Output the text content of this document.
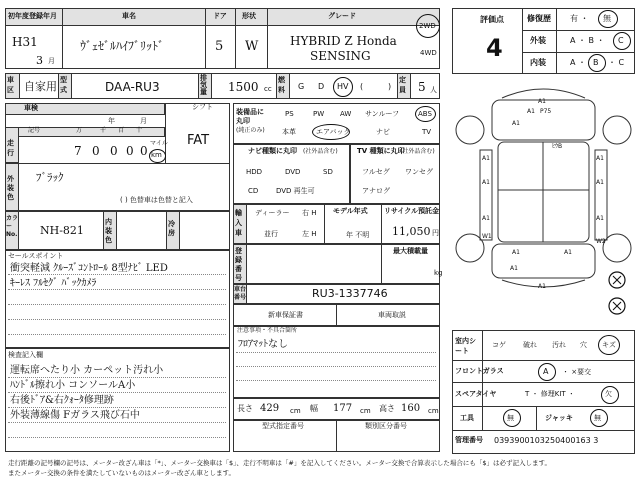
初年度登録年月	車名	ドア 形状	グレード
H31
3 月
ｳﾞｪｾﾞﾙﾊｲﾌﾞﾘｯﾄﾞ	5 W	HYBRID Z Honda
SENSING
2WD
4WD
車区 自家用 型式	DAA-RU3
排気量 1500 cc
燃料	G D HV (	)
定員 5 人
車検	シフト
年	月
FAT
記号	万	千 百 十
走行	7 0 0 0 0
マイル
km
外装色
ﾌﾞﾗｯｸ
( ) 色替車は色替と記入
カラーNo. NH-821
内装色
冷房
セールスポイント
衝突軽減 ｸﾙｰｽﾞｺﾝﾄﾛｰﾙ 8型ﾅﾋﾞ LED
ｷｰﾚｽ ﾌﾙｾｸﾞ ﾊﾞｯｸｶﾒﾗ
検査記入欄
運転席へたり小 カーペット汚れ小
ﾊﾝﾄﾞﾙ擦れ小 コンソールA小
右後ﾄﾞｱ&右ｸｫｰﾀ修理跡
外装薄線傷 Fガラス飛び石中
装備品に丸印
(純正のみ)
PS	PW AW サンルーフ	ABS
本革	エアバック	ナビ	TV
ナビ種類に丸印 (社外品含む)
HDD	DVD	SD
CD	DVD 再生可
TV 種類に丸印
(社外品含む)
フルセグ ワンセグ
アナログ
輸入車
ディーラー
並行
右 H
左 H
モデル年式
年 不明
リサイクル預託金
11,050 円
登録番号
最大積載量
kg
車台番号	RU3-1337746
新車保証書	車両取説
注意事項・不具合箇所
ﾌﾛｱﾏｯﾄなし
長さ 429 cm 幅 177 cm 高さ 160 cm
型式指定番号	類別区分番号
評価点
4
修復歴 有 ・ 無
外装	A ・ B ・ C
内装	A ・ B ・ C
A1
A1 P75
A1
ﾋｳB
A1	A1
A1	A1
A1	A1
W1
W2
A1
A1	A1
A1
室内シート
コゲ 破れ 汚れ 穴 キズ
フロントガラス	A ・ ×要交
スペアタイヤ	T ・ 修理KIT ・	欠
工具	無	ジャッキ	無
管理番号 0393900103250400163 3
走行距離の記号欄の記号は、メーター改ざん車は「*」、メーター交換車は「$」、走行不明車は「#」を記入してください。メーター交換で合算表示した場合にも「$」は必ず記入します。
またメーター交換の条件を満たしていないものはメーター改ざん車とします。
